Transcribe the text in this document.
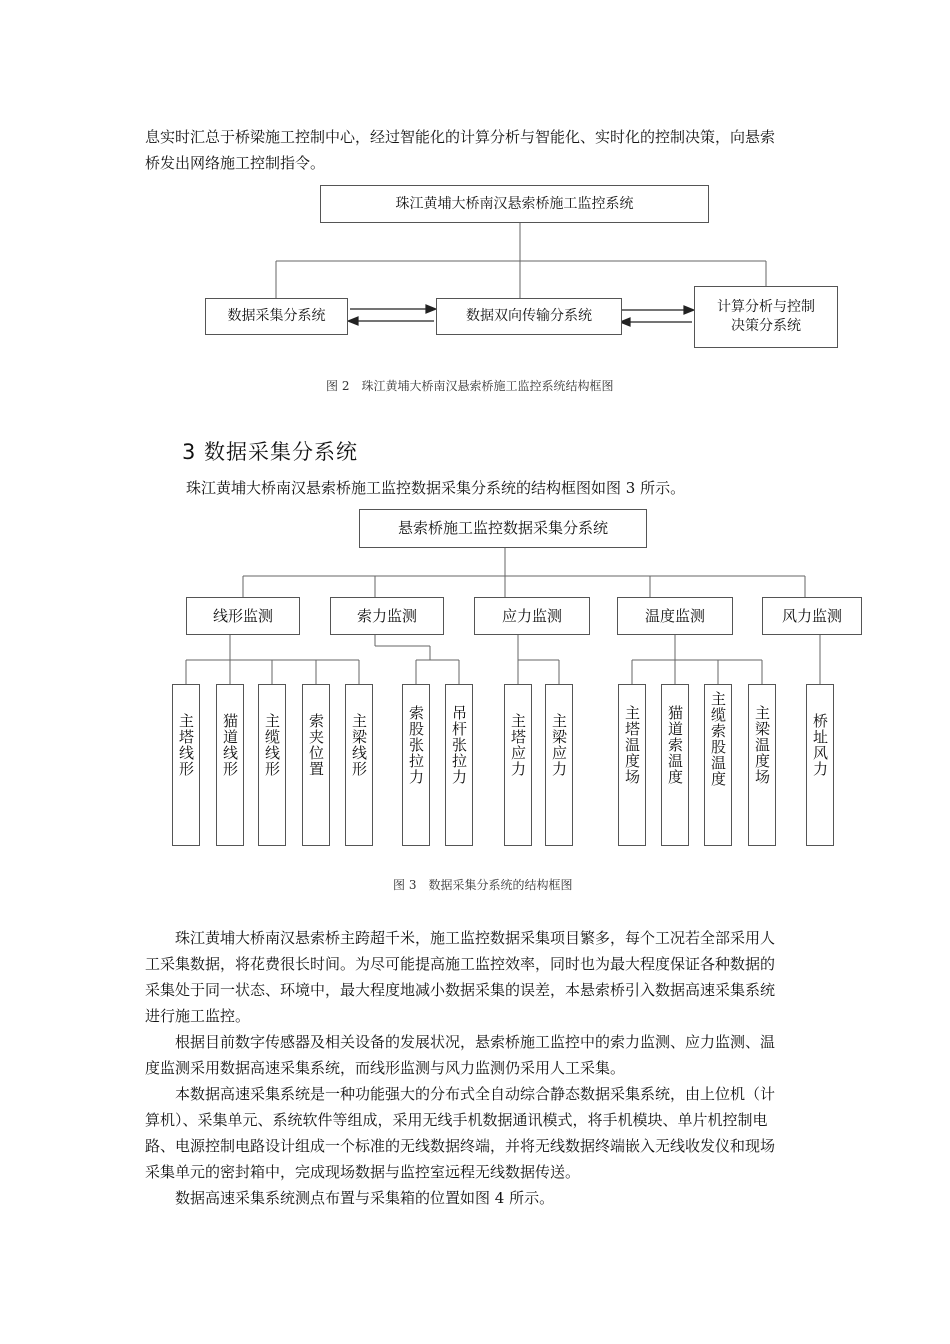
息实时汇总于桥梁施工控制中心，经过智能化的计算分析与智能化、实时化的控制决策，向悬索
桥发出网络施工控制指令。
珠江黄埔大桥南汉悬索桥施工监控系统
数据采集分系统	数据双向传输分系统
计算分析与控制
决策分系统
图 2　珠江黄埔大桥南汉悬索桥施工监控系统结构框图
3 数据采集分系统
珠江黄埔大桥南汉悬索桥施工监控数据采集分系统的结构框图如图 3 所示。
悬索桥施工监控数据采集分系统
线形监测	索力监测	应力监测	温度监测	风力监测
主塔线形 猫道线形 主缆线形 索夹位置 主梁线形	索股张拉力 吊杆张拉力	主塔应力 主梁应力	主塔温度场 猫道索温度 主缆索股温度 主梁温度场	桥址风力
图 3　数据采集分系统的结构框图
　　珠江黄埔大桥南汉悬索桥主跨超千米，施工监控数据采集项目繁多，每个工况若全部采用人
工采集数据，将花费很长时间。为尽可能提高施工监控效率，同时也为最大程度保证各种数据的
采集处于同一状态、环境中，最大程度地减小数据采集的误差，本悬索桥引入数据高速采集系统
进行施工监控。
　　根据目前数字传感器及相关设备的发展状况，悬索桥施工监控中的索力监测、应力监测、温
度监测采用数据高速采集系统，而线形监测与风力监测仍采用人工采集。
　　本数据高速采集系统是一种功能强大的分布式全自动综合静态数据采集系统，由上位机（计
算机）、采集单元、系统软件等组成，采用无线手机数据通讯模式，将手机模块、单片机控制电
路、电源控制电路设计组成一个标准的无线数据终端，并将无线数据终端嵌入无线收发仪和现场
采集单元的密封箱中，完成现场数据与监控室远程无线数据传送。
　　数据高速采集系统测点布置与采集箱的位置如图 4 所示。
